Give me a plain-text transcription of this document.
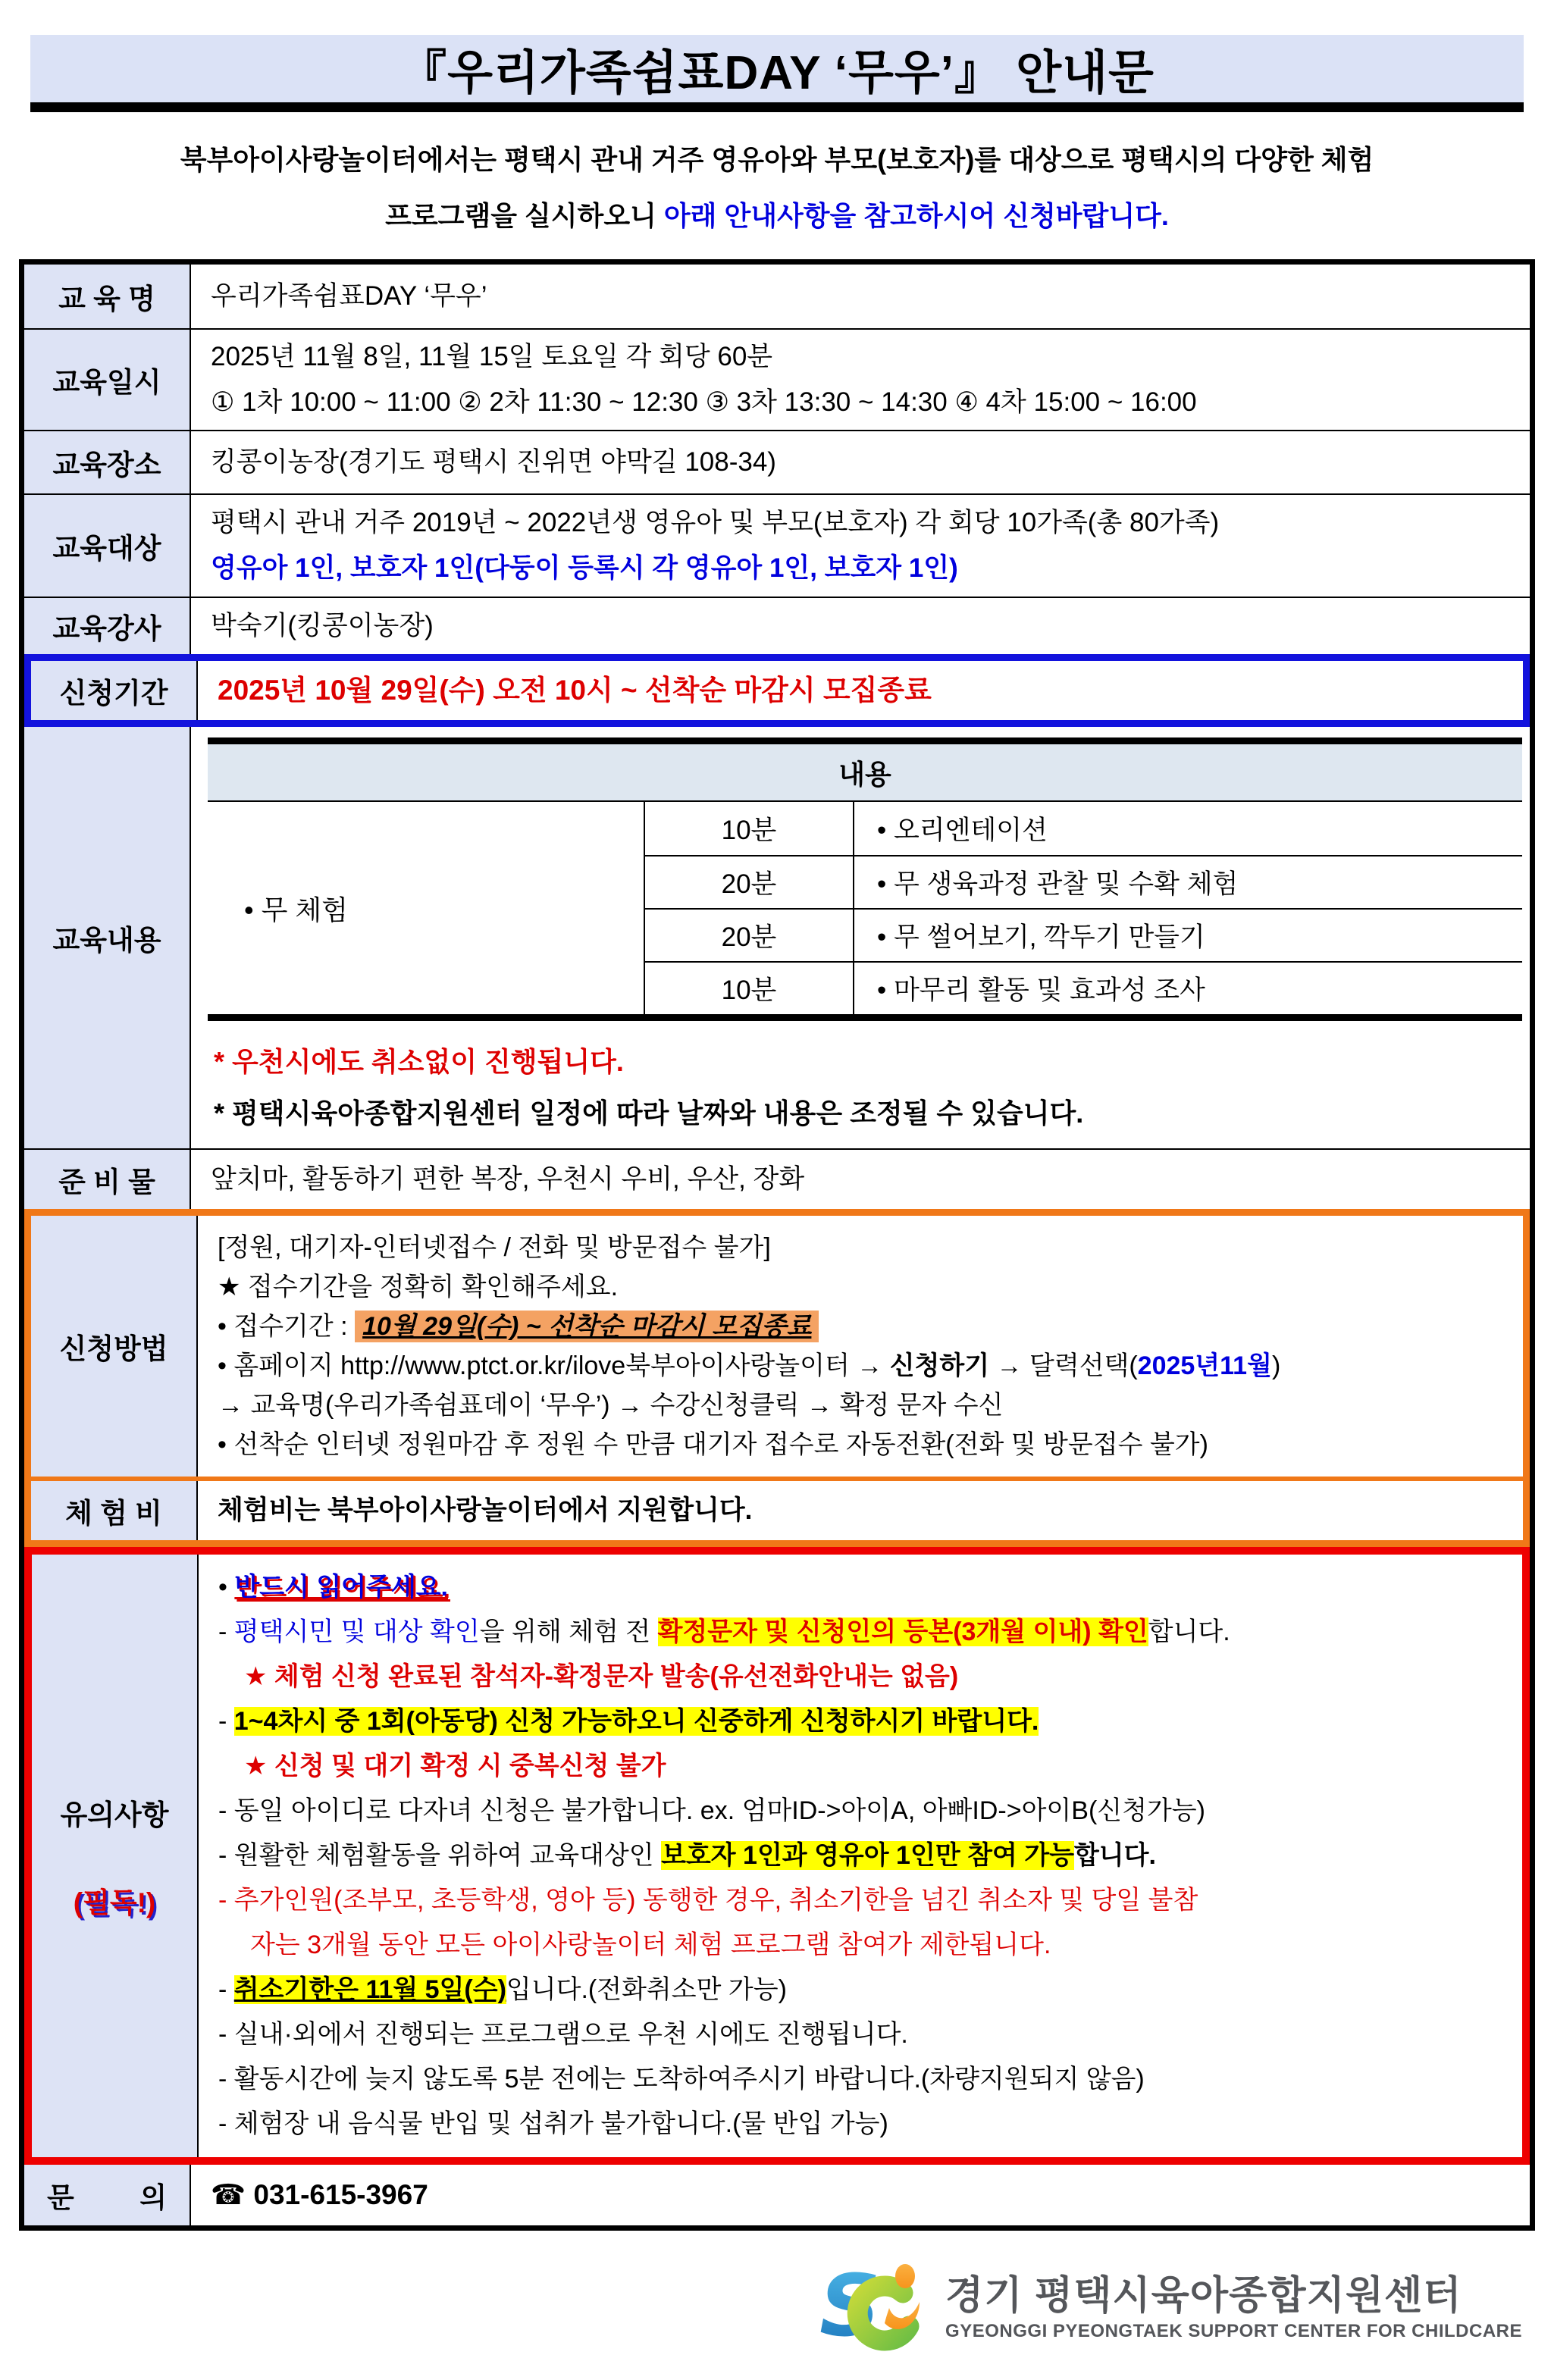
『우리가족쉼표DAY ‘무우’』 안내문
북부아이사랑놀이터에서는 평택시 관내 거주 영유아와 부모(보호자)를 대상으로 평택시의 다양한 체험
프로그램을 실시하오니 아래 안내사항을 참고하시어 신청바랍니다.
교 육 명	우리가족쉼표DAY ‘무우’
교육일시
2025년 11월 8일, 11월 15일 토요일 각 회당 60분
① 1차 10:00 ~ 11:00 ② 2차 11:30 ~ 12:30 ③ 3차 13:30 ~ 14:30 ④ 4차 15:00 ~ 16:00
교육장소	킹콩이농장(경기도 평택시 진위면 야막길 108-34)
교육대상
평택시 관내 거주 2019년 ~ 2022년생 영유아 및 부모(보호자) 각 회당 10가족(총 80가족)
영유아 1인, 보호자 1인(다둥이 등록시 각 영유아 1인, 보호자 1인)
교육강사	박숙기(킹콩이농장)
신청기간	2025년 10월 29일(수) 오전 10시 ~ 선착순 마감시 모집종료
교육내용
내용
• 무 체험
10분	• 오리엔테이션
20분	• 무 생육과정 관찰 및 수확 체험
20분	• 무 썰어보기, 깍두기 만들기
10분	• 마무리 활동 및 효과성 조사
* 우천시에도 취소없이 진행됩니다.
* 평택시육아종합지원센터 일정에 따라 날짜와 내용은 조정될 수 있습니다.
준 비 물	앞치마, 활동하기 편한 복장, 우천시 우비, 우산, 장화
신청방법
[정원, 대기자-인터넷접수 / 전화 및 방문접수 불가]
★ 접수기간을 정확히 확인해주세요.
• 접수기간 : 10월 29일(수) ~ 선착순 마감시 모집종료
• 홈페이지 http://www.ptct.or.kr/ilove북부아이사랑놀이터 → 신청하기 → 달력선택(2025년11월)
→ 교육명(우리가족쉼표데이 ‘무우’) → 수강신청클릭 → 확정 문자 수신
• 선착순 인터넷 정원마감 후 정원 수 만큼 대기자 접수로 자동전환(전화 및 방문접수 불가)
체 험 비	체험비는 북부아이사랑놀이터에서 지원합니다.
유의사항
(필독!)
• 반드시 읽어주세요.
- 평택시민 및 대상 확인을 위해 체험 전 확정문자 및 신청인의 등본(3개월 이내) 확인합니다.
★ 체험 신청 완료된 참석자-확정문자 발송(유선전화안내는 없음)
- 1~4차시 중 1회(아동당) 신청 가능하오니 신중하게 신청하시기 바랍니다.
★ 신청 및 대기 확정 시 중복신청 불가
- 동일 아이디로 다자녀 신청은 불가합니다. ex. 엄마ID->아이A, 아빠ID->아이B(신청가능)
- 원활한 체험활동을 위하여 교육대상인 보호자 1인과 영유아 1인만 참여 가능합니다.
- 추가인원(조부모, 초등학생, 영아 등) 동행한 경우, 취소기한을 넘긴 취소자 및 당일 불참
자는 3개월 동안 모든 아이사랑놀이터 체험 프로그램 참여가 제한됩니다.
- 취소기한은 11월 5일(수)입니다.(전화취소만 가능)
- 실내·외에서 진행되는 프로그램으로 우천 시에도 진행됩니다.
- 활동시간에 늦지 않도록 5분 전에는 도착하여주시기 바랍니다.(차량지원되지 않음)
- 체험장 내 음식물 반입 및 섭취가 불가합니다.(물 반입 가능)
문 의 ☎ 031-615-3967
S 경기 평택시육아종합지원센터
GYEONGGI PYEONGTAEK SUPPORT CENTER FOR CHILDCARE
